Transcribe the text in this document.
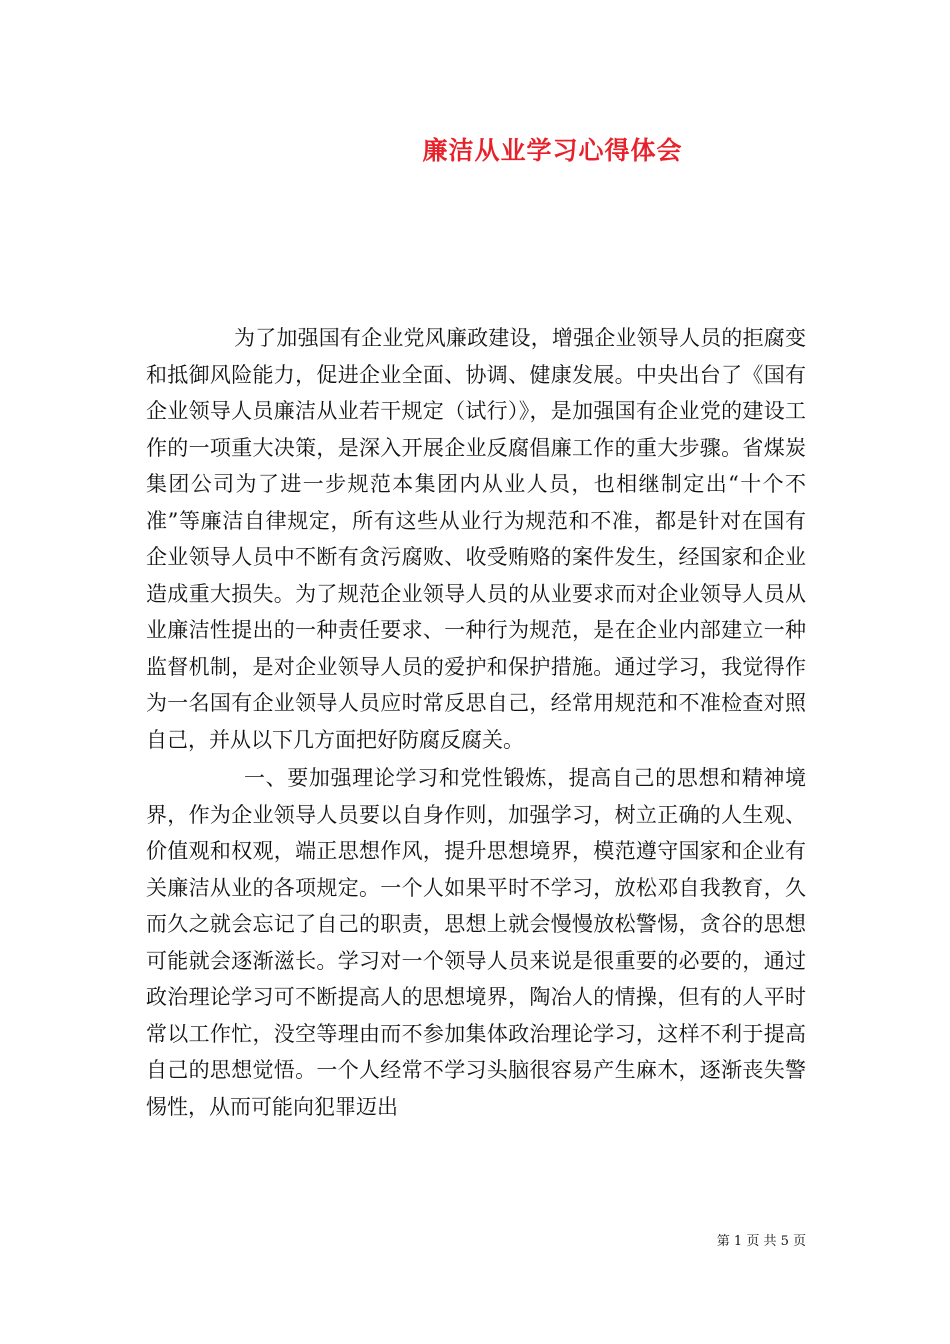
廉洁从业学习心得体会

为了加强国有企业党风廉政建设，增强企业领导人员的拒腐变和抵御风险能力，促进企业全面、协调、健康发展。中央出台了《国有企业领导人员廉洁从业若干规定（试行）》，是加强国有企业党的建设工作的一项重大决策，是深入开展企业反腐倡廉工作的重大步骤。省煤炭集团公司为了进一步规范本集团内从业人员，也相继制定出“十个不准”等廉洁自律规定，所有这些从业行为规范和不准，都是针对在国有企业领导人员中不断有贪污腐败、收受贿赂的案件发生，经国家和企业造成重大损失。为了规范企业领导人员的从业要求而对企业领导人员从业廉洁性提出的一种责任要求、一种行为规范，是在企业内部建立一种监督机制，是对企业领导人员的爱护和保护措施。通过学习，我觉得作为一名国有企业领导人员应时常反思自己，经常用规范和不准检查对照自己，并从以下几方面把好防腐反腐关。

一、要加强理论学习和党性锻炼，提高自己的思想和精神境界，作为企业领导人员要以自身作则，加强学习，树立正确的人生观、价值观和权观，端正思想作风，提升思想境界，模范遵守国家和企业有关廉洁从业的各项规定。一个人如果平时不学习，放松邓自我教育，久而久之就会忘记了自己的职责，思想上就会慢慢放松警惕，贪谷的思想可能就会逐渐滋长。学习对一个领导人员来说是很重要的必要的，通过政治理论学习可不断提高人的思想境界，陶冶人的情操，但有的人平时常以工作忙，没空等理由而不参加集体政治理论学习，这样不利于提高自己的思想觉悟。一个人经常不学习头脑很容易产生麻木，逐渐丧失警惕性，从而可能向犯罪迈出

第 1 页 共 5 页
